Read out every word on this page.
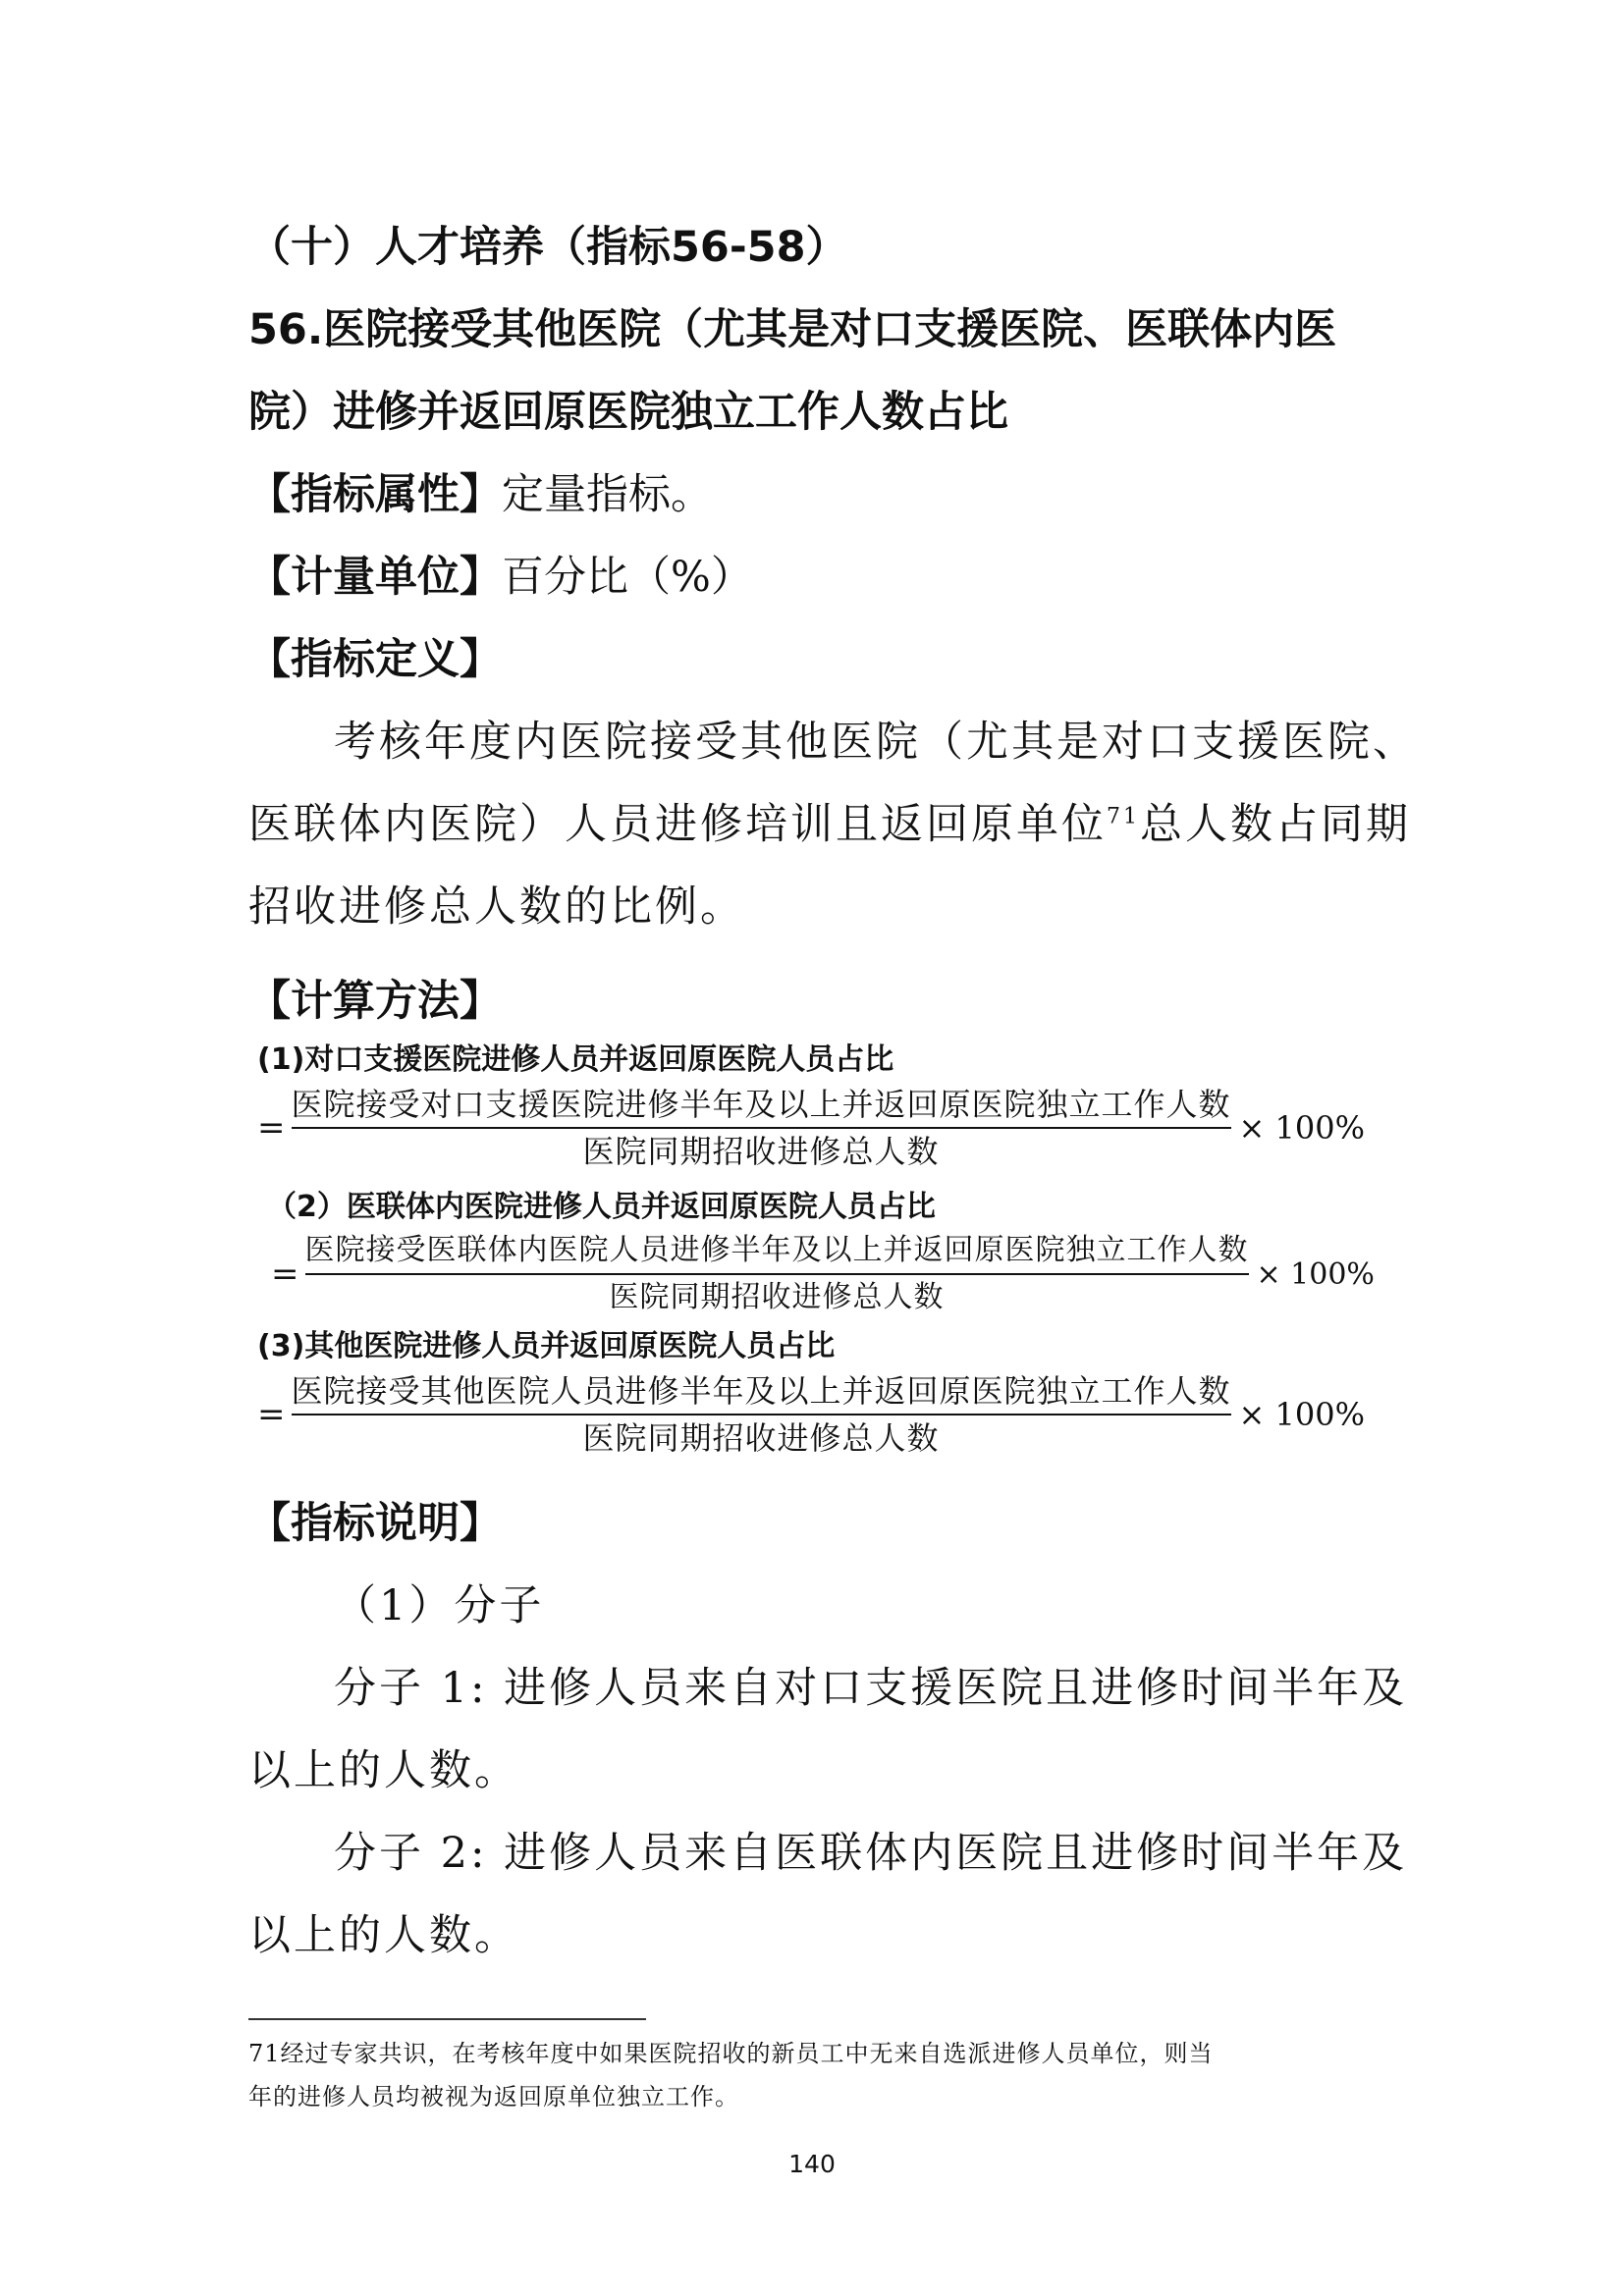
（十）人才培养（指标56-58）
56.医院接受其他医院（尤其是对口支援医院、医联体内医
院）进修并返回原医院独立工作人数占比
【指标属性】定量指标。
【计量单位】百分比（%）
【指标定义】
考核年度内医院接受其他医院（尤其是对口支援医院、
医联体内医院）人员进修培训且返回原单位$^{71}$总人数占同期
招收进修总人数的比例。
【计算方法】
(1)对口支援医院进修人员并返回原医院人员占比
= $\frac{\text{医院接受对口支援医院进修半年及以上并返回原医院独立工作人数}}{\text{医院同期招收进修总人数}} \times 100\%$
（2）医联体内医院进修人员并返回原医院人员占比
= $\frac{\text{医院接受医联体内医院人员进修半年及以上并返回原医院独立工作人数}}{\text{医院同期招收进修总人数}} \times 100\%$
(3)其他医院进修人员并返回原医院人员占比
= $\frac{\text{医院接受其他医院人员进修半年及以上并返回原医院独立工作人数}}{\text{医院同期招收进修总人数}} \times 100\%$
【指标说明】
（1）分子
分子 1: 进修人员来自对口支援医院且进修时间半年及
以上的人数。
分子 2: 进修人员来自医联体内医院且进修时间半年及
以上的人数。
71经过专家共识，在考核年度中如果医院招收的新员工中无来自选派进修人员单位，则当
年的进修人员均被视为返回原单位独立工作。
140
